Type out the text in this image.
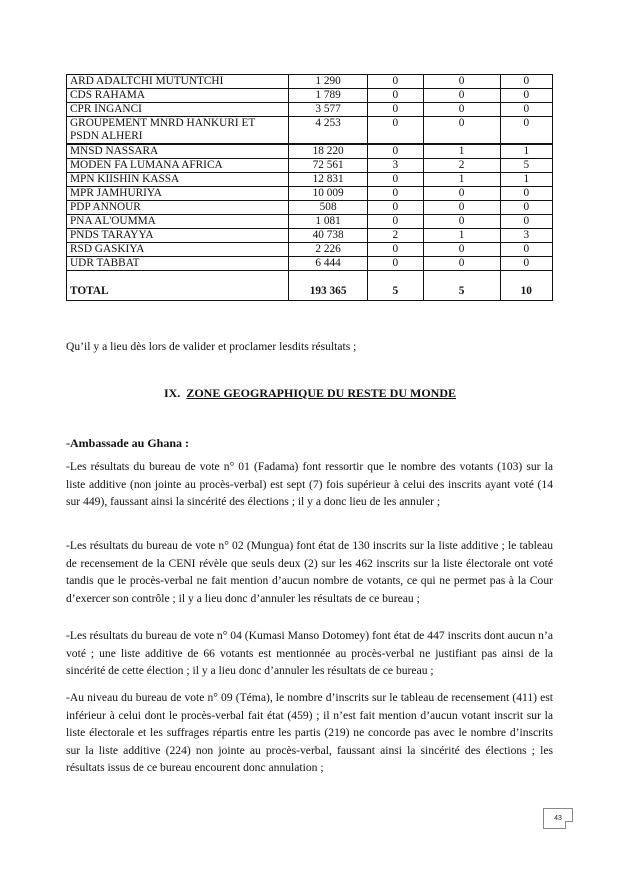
ARD ADALTCHI MUTUNTCHI	1 290	0	0	0
CDS RAHAMA	1 789	0	0	0
CPR INGANCI	3 577	0	0	0
GROUPEMENT MNRD HANKURI ET PSDN ALHERI	4 253	0	0	0
MNSD NASSARA	18 220	0	1	1
MODEN FA LUMANA AFRICA	72 561	3	2	5
MPN KIISHIN KASSA	12 831	0	1	1
MPR JAMHURIYA	10 009	0	0	0
PDP ANNOUR	508	0	0	0
PNA AL'OUMMA	1 081	0	0	0
PNDS TARAYYA	40 738	2	1	3
RSD GASKIYA	2 226	0	0	0
UDR TABBAT	6 444	0	0	0
TOTAL	193 365	5	5	10
Qu’il y a lieu dès lors de valider et proclamer lesdits résultats ;
IX. ZONE GEOGRAPHIQUE DU RESTE DU MONDE
-Ambassade au Ghana :
-Les résultats du bureau de vote n° 01 (Fadama) font ressortir que le nombre des votants (103) sur la liste additive (non jointe au procès-verbal) est sept (7) fois supérieur à celui des inscrits ayant voté (14 sur 449), faussant ainsi la sincérité des élections ; il y a donc lieu de les annuler ;
-Les résultats du bureau de vote n° 02 (Mungua) font état de 130 inscrits sur la liste additive ; le tableau de recensement de la CENI révèle que seuls deux (2) sur les 462 inscrits sur la liste électorale ont voté tandis que le procès-verbal ne fait mention d’aucun nombre de votants, ce qui ne permet pas à la Cour d’exercer son contrôle ; il y a lieu donc d’annuler les résultats de ce bureau ;
-Les résultats du bureau de vote n° 04 (Kumasi Manso Dotomey) font état de 447 inscrits dont aucun n’a voté ; une liste additive de 66 votants est mentionnée au procès-verbal ne justifiant pas ainsi de la sincérité de cette élection ; il y a lieu donc d’annuler les résultats de ce bureau ;
-Au niveau du bureau de vote n° 09 (Téma), le nombre d’inscrits sur le tableau de recensement (411) est inférieur à celui dont le procès-verbal fait état (459) ; il n’est fait mention d’aucun votant inscrit sur la liste électorale et les suffrages répartis entre les partis (219) ne concorde pas avec le nombre d’inscrits sur la liste additive (224) non jointe au procès-verbal, faussant ainsi la sincérité des élections ; les résultats issus de ce bureau encourent donc annulation ;
43
